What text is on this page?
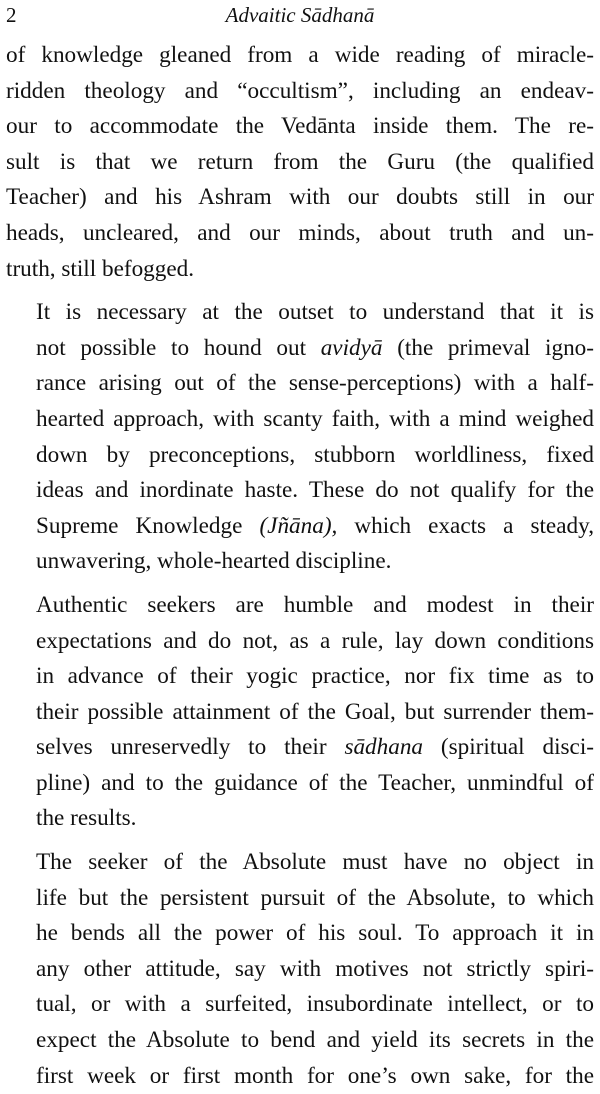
2	Advaitic Sādhanā

of knowledge gleaned from a wide reading of miracle-
ridden theology and “occultism”, including an endeav-
our to accommodate the Vedānta inside them. The re-
sult is that we return from the Guru (the qualified
Teacher) and his Ashram with our doubts still in our
heads, uncleared, and our minds, about truth and un-
truth, still befogged.

It is necessary at the outset to understand that it is
not possible to hound out avidyā (the primeval igno-
rance arising out of the sense-perceptions) with a half-
hearted approach, with scanty faith, with a mind weighed
down by preconceptions, stubborn worldliness, fixed
ideas and inordinate haste. These do not qualify for the
Supreme Knowledge (Jñāna), which exacts a steady,
unwavering, whole-hearted discipline.

Authentic seekers are humble and modest in their
expectations and do not, as a rule, lay down conditions
in advance of their yogic practice, nor fix time as to
their possible attainment of the Goal, but surrender them-
selves unreservedly to their sādhana (spiritual disci-
pline) and to the guidance of the Teacher, unmindful of
the results.

The seeker of the Absolute must have no object in
life but the persistent pursuit of the Absolute, to which
he bends all the power of his soul. To approach it in
any other attitude, say with motives not strictly spiri-
tual, or with a surfeited, insubordinate intellect, or to
expect the Absolute to bend and yield its secrets in the
first week or first month for one’s own sake, for the
